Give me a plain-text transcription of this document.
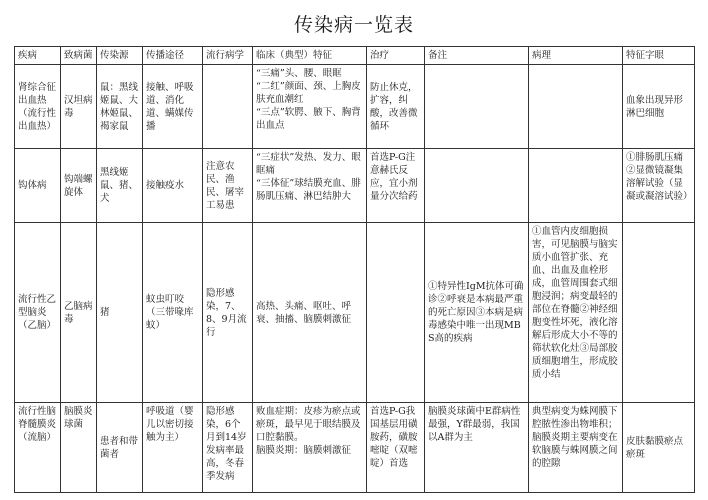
传染病一览表
疾病	致病菌	传染源	传播途径	流行病学	临床（典型）特征	治疗	备注	病理	特征字眼
肾综合征出血热（流行性出血热）	汉坦病毒	鼠：黑线姬鼠、大林姬鼠、褐家鼠	接触、呼吸道、消化道、螨媒传播		“三痛”头、腰、眼眶
“二红”颜面、颈、上胸皮肤充血潮红
“三点”软腭、腋下、胸背出血点	防止休克，扩容，纠酸，改善微循环			血象出现异形淋巴细胞
钩体病	钩端螺旋体	黑线姬鼠、猪、犬	接触疫水	注意农民、渔民、屠宰工易患	“三症状”发热、发力、眼眶痛
“三体征”球结膜充血、腓肠肌压痛、淋巴结肿大	首选P-G注意赫氏反应，宜小剂量分次给药			①腓肠肌压痛②显微镜凝集溶解试验（显凝或凝溶试验）
流行性乙型脑炎（乙脑）	乙脑病毒	猪	蚊虫叮咬（三带喙库蚊）	隐形感染，7、8、9月流行	高热、头痛、呕吐、呼衰、抽搐、脑膜刺激征		①特异性IgM抗体可确诊②呼衰是本病最严重的死亡原因③本病是病毒感染中唯一出现MBS高的疾病	①血管内皮细胞损害，可见脑膜与脑实质小血管扩张、充血、出血及血栓形成，血管周围套式细胞浸润；病变最轻的部位在脊髓②神经细胞变性坏死，液化溶解后形成大小不等的筛状软化灶③局部胶质细胞增生，形成胶质小结	
流行性脑脊髓膜炎（流脑）	脑膜炎球菌	患者和带菌者	呼吸道（婴儿以密切接触为主）	隐形感染，6个月到14岁发病率最高，冬春季发病	败血症期：皮疹为瘀点或瘀斑，最早见于眼结膜及口腔黏膜。
脑膜炎期：脑膜刺激征	首选P-G我国基层用磺胺药，磺胺嘧啶（双嘧啶）首选	脑膜炎球菌中E群病性最强，Y群最弱，我国以A群为主	典型病变为蛛网膜下腔脓性渗出物堆积；脑膜炎期主要病变在软脑膜与蛛网膜之间的腔隙	皮肤黏膜瘀点瘀斑
